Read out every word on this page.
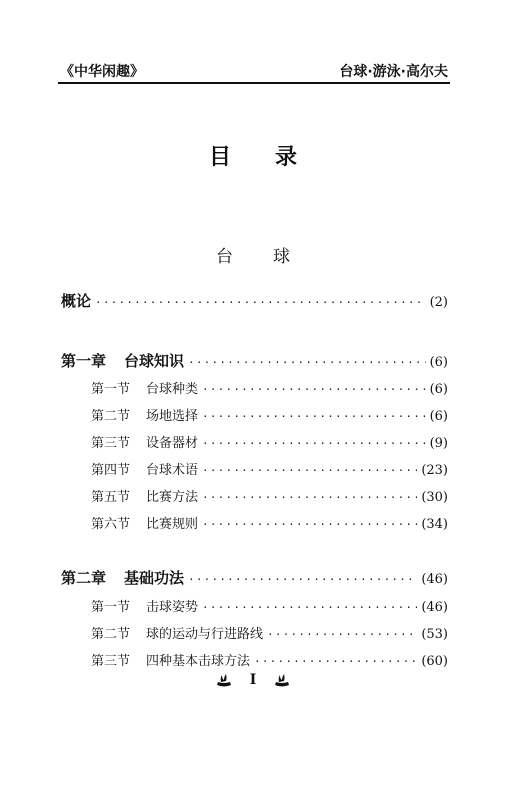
《中华闲趣》	台球·游泳·高尔夫
目录
台球
概论 ·····	(2)
第一章 台球知识 ·····	(6)
第一节 台球种类 ·····	(6)
第二节 场地选择 ·····	(6)
第三节 设备器材 ·····	(9)
第四节 台球术语 ·····	(23)
第五节 比赛方法 ·····	(30)
第六节 比赛规则 ·····	(34)
第二章 基础功法 ·····	(46)
第一节 击球姿势 ·····	(46)
第二节 球的运动与行进路线 ·····	(53)
第三节 四种基本击球方法 ·····	(60)
I
